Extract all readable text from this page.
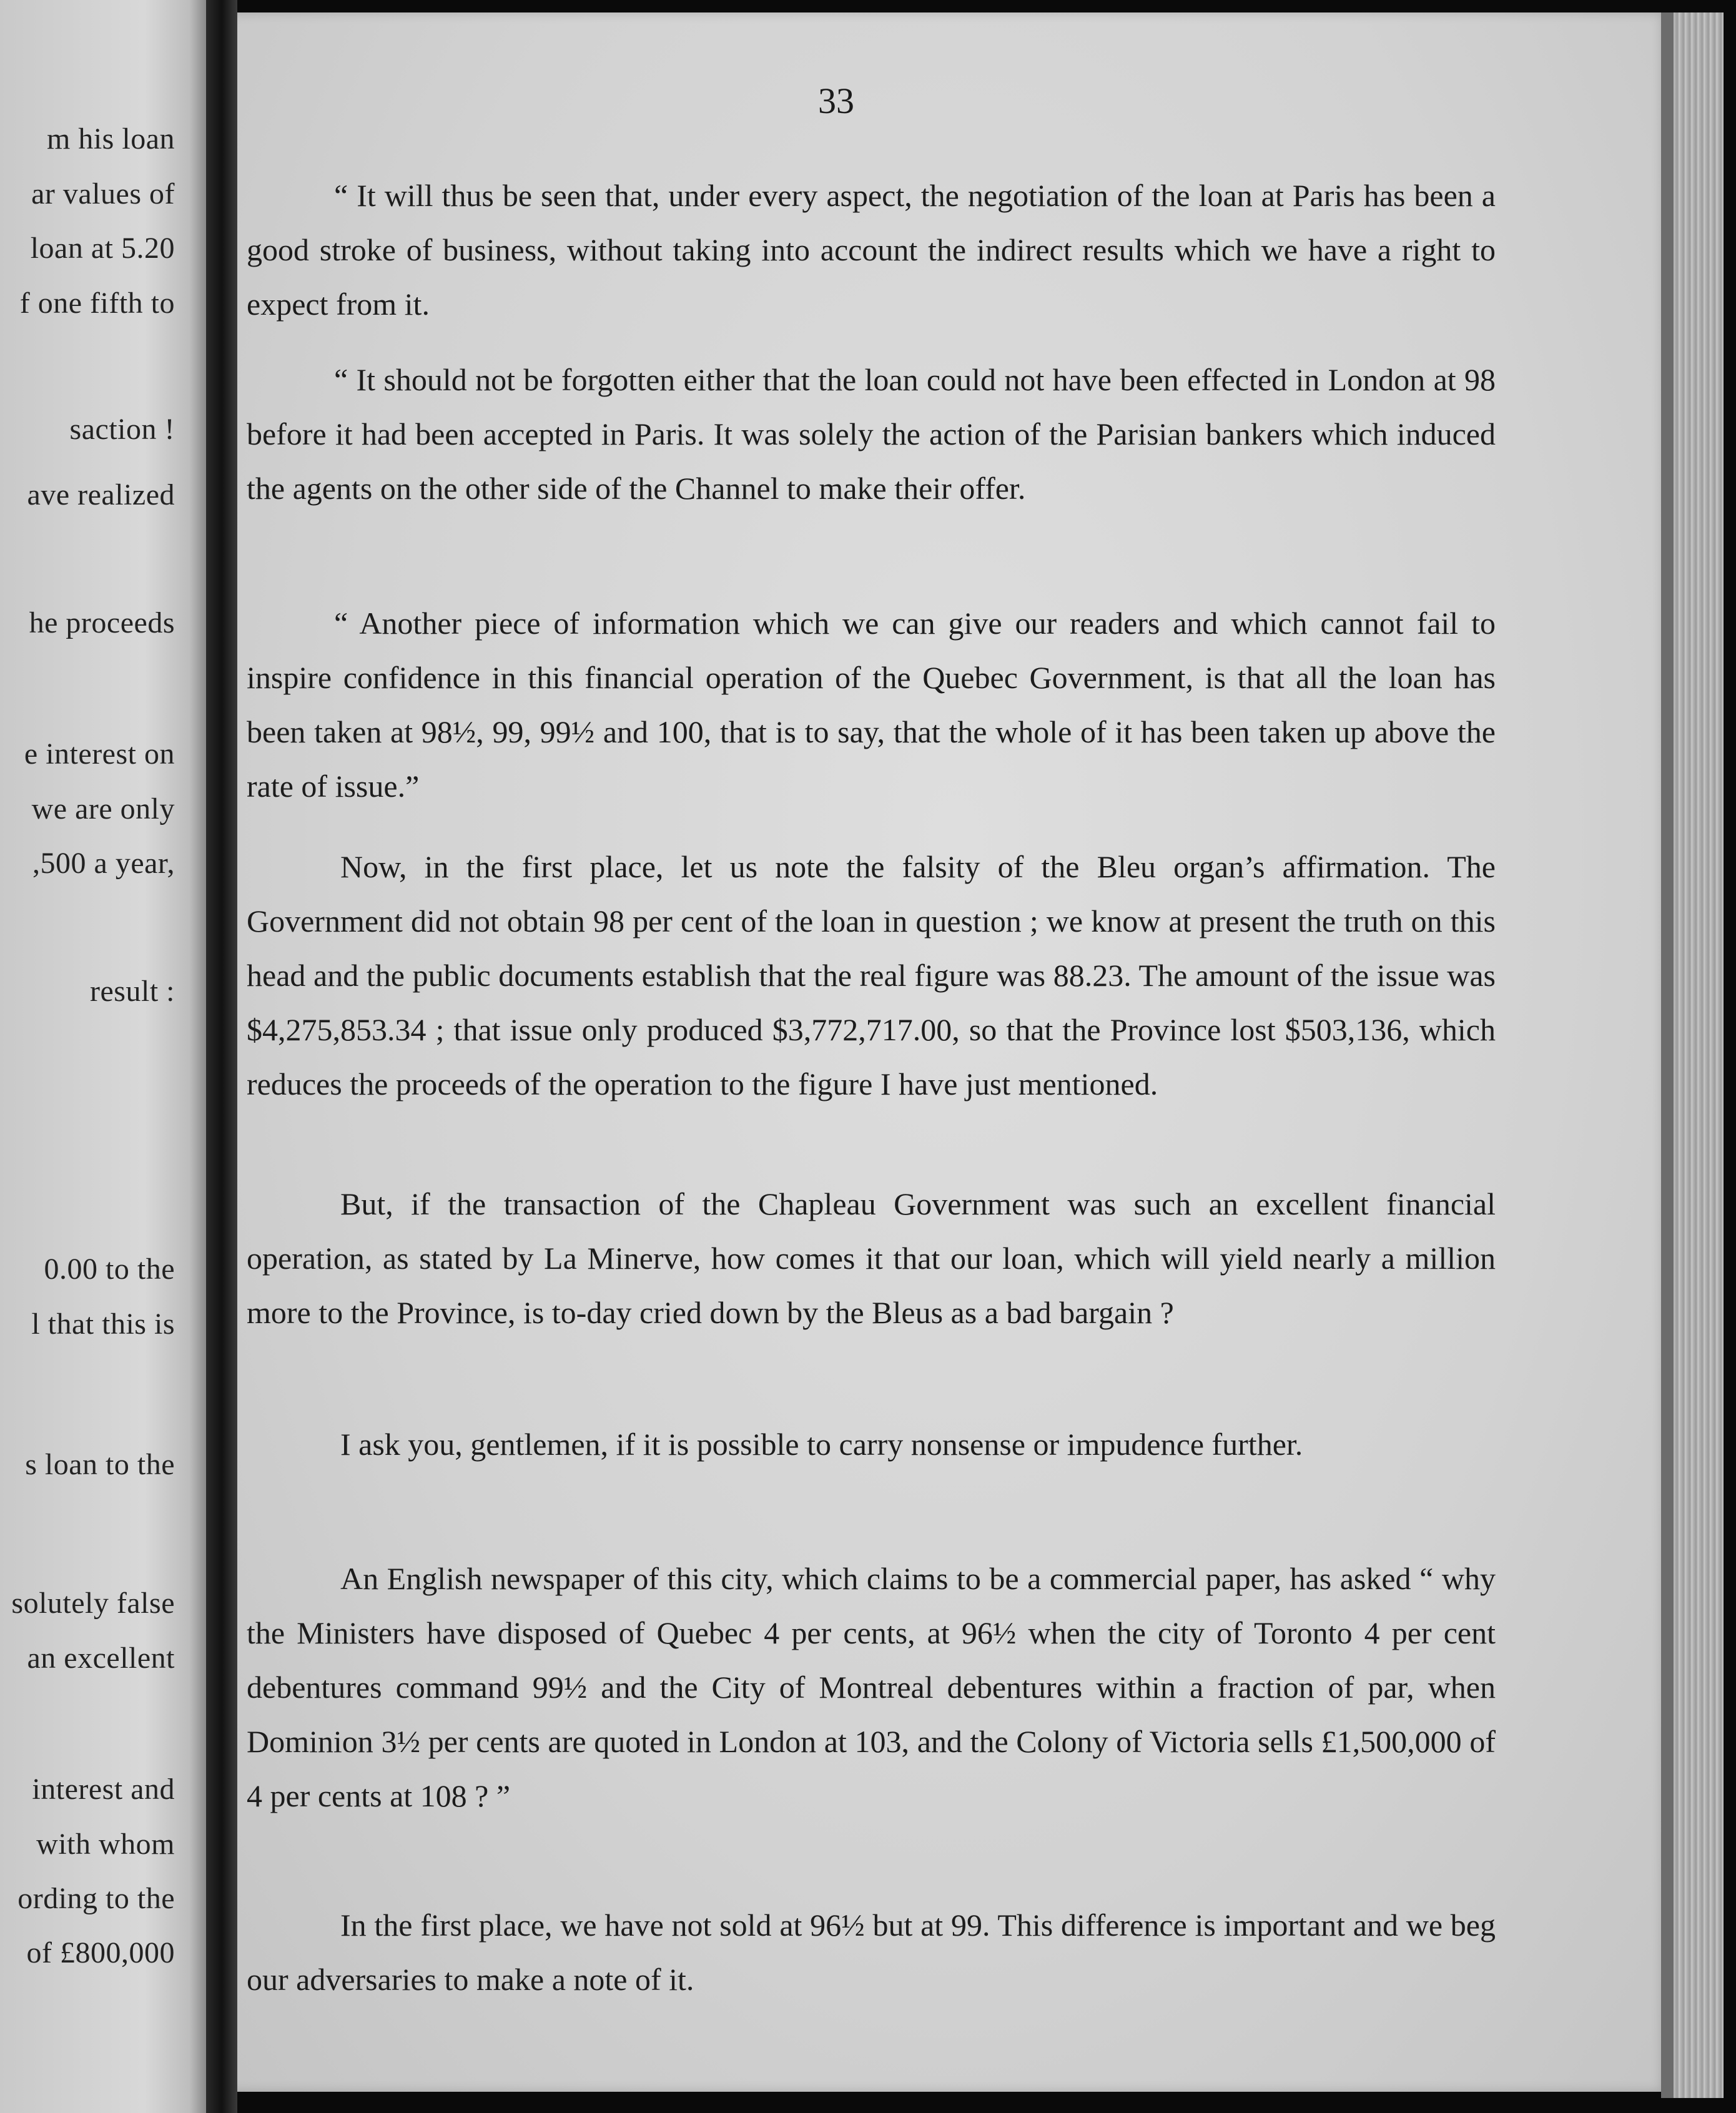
m his loan
ar values of
loan at 5.20
f one fifth to
saction !
ave realized
he proceeds
e interest on
we are only
,500 a year,
result :
0.00 to the
l that this is
s loan to the
solutely false
an excellent
interest and
with whom
ording to the
of £800,000
33

“ It will thus be seen that, under every aspect, the negotiation of the loan at Paris has been a good stroke of business, without taking into account the indirect results which we have a right to expect from it.

“ It should not be forgotten either that the loan could not have been effected in London at 98 before it had been accepted in Paris. It was solely the action of the Parisian bankers which induced the agents on the other side of the Channel to make their offer.

“ Another piece of information which we can give our readers and which cannot fail to inspire confidence in this financial operation of the Quebec Government, is that all the loan has been taken at 98½, 99, 99½ and 100, that is to say, that the whole of it has been taken up above the rate of issue.”

Now, in the first place, let us note the falsity of the Bleu organ’s affirmation. The Government did not obtain 98 per cent of the loan in question ; we know at present the truth on this head and the public documents establish that the real figure was 88.23. The amount of the issue was $4,275,853.34 ; that issue only produced $3,772,717.00, so that the Province lost $503,136, which reduces the proceeds of the operation to the figure I have just mentioned.

But, if the transaction of the Chapleau Government was such an excellent financial operation, as stated by La Minerve, how comes it that our loan, which will yield nearly a million more to the Province, is to-day cried down by the Bleus as a bad bargain ?

I ask you, gentlemen, if it is possible to carry nonsense or impudence further.

An English newspaper of this city, which claims to be a commercial paper, has asked “ why the Ministers have disposed of Quebec 4 per cents, at 96½ when the city of Toronto 4 per cent debentures command 99½ and the City of Montreal debentures within a fraction of par, when Dominion 3½ per cents are quoted in London at 103, and the Colony of Victoria sells £1,500,000 of 4 per cents at 108 ? ”

In the first place, we have not sold at 96½ but at 99. This difference is important and we beg our adversaries to make a note of it.
